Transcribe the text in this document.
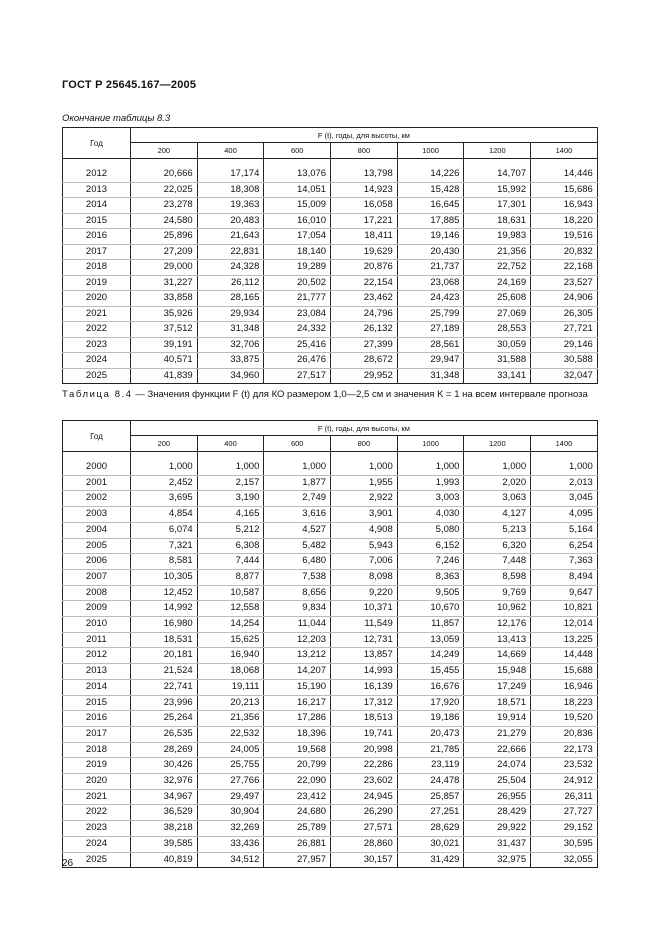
ГОСТ Р 25645.167—2005
Окончание таблицы 8.3
Год	F (t), годы, для высоты, км						
	200	400	600	800	1000	1200	1400

2012	20,666	17,174	13,076	13,798	14,226	14,707	14,446
2013	22,025	18,308	14,051	14,923	15,428	15,992	15,686
2014	23,278	19,363	15,009	16,058	16,645	17,301	16,943
2015	24,580	20,483	16,010	17,221	17,885	18,631	18,220
2016	25,896	21,643	17,054	18,411	19,146	19,983	19,516
2017	27,209	22,831	18,140	19,629	20,430	21,356	20,832
2018	29,000	24,328	19,289	20,876	21,737	22,752	22,168
2019	31,227	26,112	20,502	22,154	23,068	24,169	23,527
2020	33,858	28,165	21,777	23,462	24,423	25,608	24,906
2021	35,926	29,934	23,084	24,796	25,799	27,069	26,305
2022	37,512	31,348	24,332	26,132	27,189	28,553	27,721
2023	39,191	32,706	25,416	27,399	28,561	30,059	29,146
2024	40,571	33,875	26,476	28,672	29,947	31,588	30,588
2025	41,839	34,960	27,517	29,952	31,348	33,141	32,047
Таблица 8.4 — Значения функции F (t) для КО размером 1,0—2,5 см и значения K = 1 на всем интервале прогноза
Год	F (t), годы, для высоты, км						
	200	400	600	800	1000	1200	1400

2000	1,000	1,000	1,000	1,000	1,000	1,000	1,000
2001	2,452	2,157	1,877	1,955	1,993	2,020	2,013
2002	3,695	3,190	2,749	2,922	3,003	3,063	3,045
2003	4,854	4,165	3,616	3,901	4,030	4,127	4,095
2004	6,074	5,212	4,527	4,908	5,080	5,213	5,164
2005	7,321	6,308	5,482	5,943	6,152	6,320	6,254
2006	8,581	7,444	6,480	7,006	7,246	7,448	7,363
2007	10,305	8,877	7,538	8,098	8,363	8,598	8,494
2008	12,452	10,587	8,656	9,220	9,505	9,769	9,647
2009	14,992	12,558	9,834	10,371	10,670	10,962	10,821
2010	16,980	14,254	11,044	11,549	11,857	12,176	12,014
2011	18,531	15,625	12,203	12,731	13,059	13,413	13,225
2012	20,181	16,940	13,212	13,857	14,249	14,669	14,448
2013	21,524	18,068	14,207	14,993	15,455	15,948	15,688
2014	22,741	19,111	15,190	16,139	16,676	17,249	16,946
2015	23,996	20,213	16,217	17,312	17,920	18,571	18,223
2016	25,264	21,356	17,286	18,513	19,186	19,914	19,520
2017	26,535	22,532	18,396	19,741	20,473	21,279	20,836
2018	28,269	24,005	19,568	20,998	21,785	22,666	22,173
2019	30,426	25,755	20,799	22,286	23,119	24,074	23,532
2020	32,976	27,766	22,090	23,602	24,478	25,504	24,912
2021	34,967	29,497	23,412	24,945	25,857	26,955	26,311
2022	36,529	30,904	24,680	26,290	27,251	28,429	27,727
2023	38,218	32,269	25,789	27,571	28,629	29,922	29,152
2024	39,585	33,436	26,881	28,860	30,021	31,437	30,595
2025	40,819	34,512	27,957	30,157	31,429	32,975	32,055
26
